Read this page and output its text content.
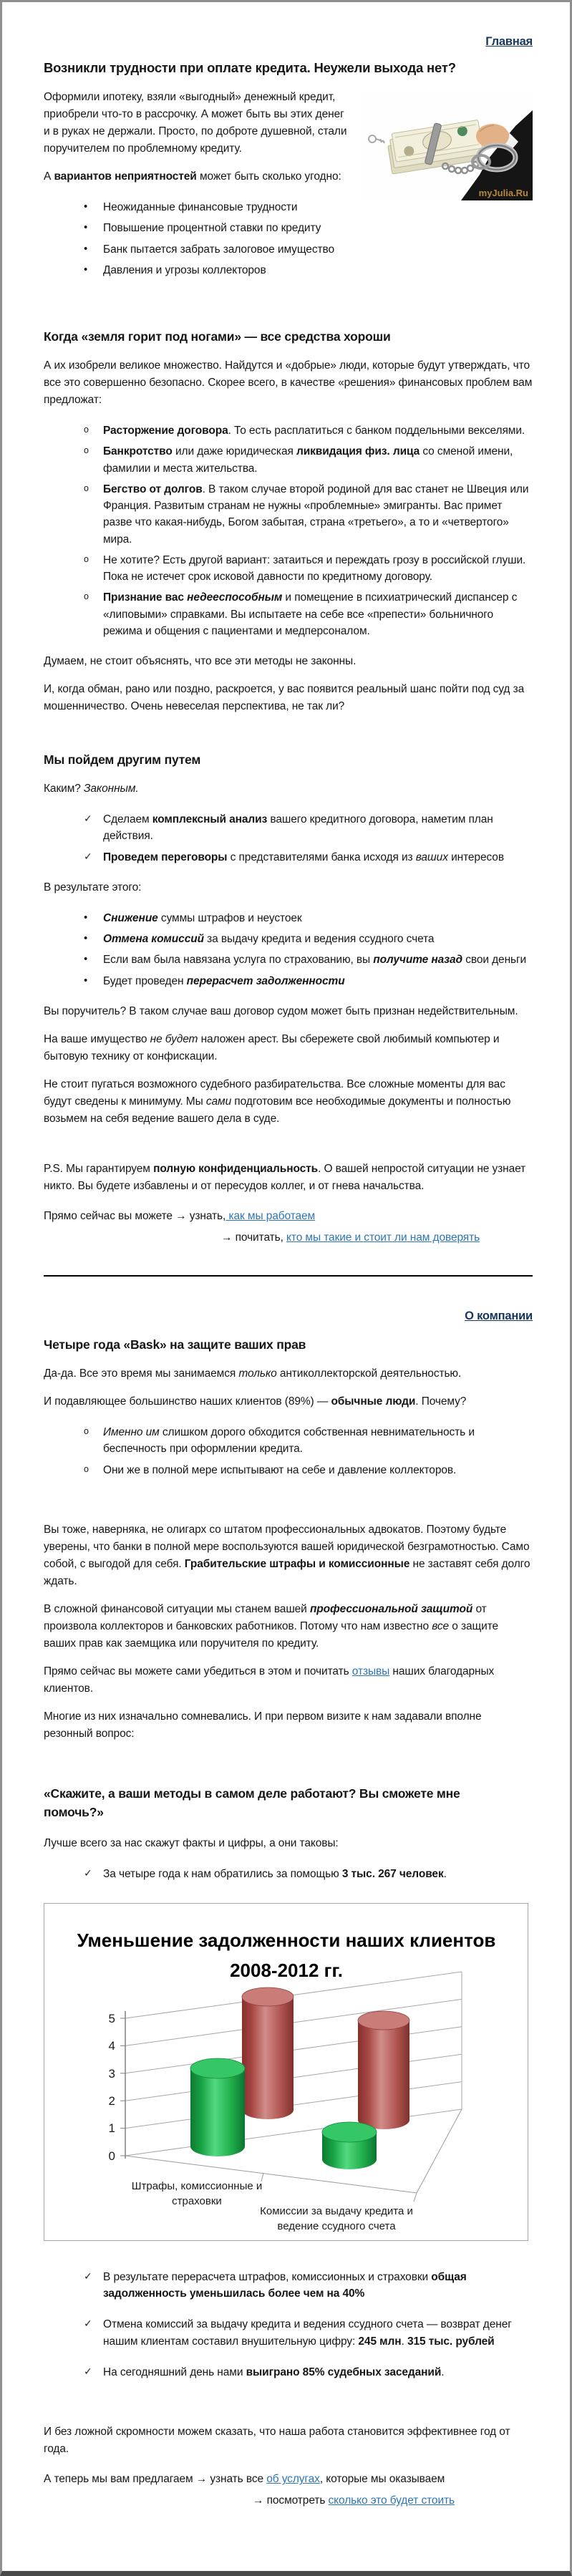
Главная
Возникли трудности при оплате кредита. Неужели выхода нет?
myJulia.Ru

Оформили ипотеку, взяли «выгодный» денежный кредит, приобрели что-то в рассрочку. А может быть вы этих денег и в руках не держали. Просто, по доброте душевной, стали поручителем по проблемному кредиту.

А вариантов неприятностей может быть сколько угодно:

• Неожиданные финансовые трудности
• Повышение процентной ставки по кредиту
• Банк пытается забрать залоговое имущество
• Давления и угрозы коллекторов
Когда «земля горит под ногами» — все средства хороши

А их изобрели великое множество. Найдутся и «добрые» люди, которые будут утверждать, что все это совершенно безопасно. Скорее всего, в качестве «решения» финансовых проблем вам предложат:

o Расторжение договора. То есть расплатиться с банком поддельными векселями.
o Банкротство или даже юридическая ликвидация физ. лица со сменой имени, фамилии и места жительства.
o Бегство от долгов. В таком случае второй родиной для вас станет не Швеция или Франция. Развитым странам не нужны «проблемные» эмигранты. Вас примет разве что какая-нибудь, Богом забытая, страна «третьего», а то и «четвертого» мира.
o Не хотите? Есть другой вариант: затаиться и переждать грозу в российской глуши. Пока не истечет срок исковой давности по кредитному договору.
o Признание вас недееспособным и помещение в психиатрический диспансер с «липовыми» справками. Вы испытаете на себе все «препести» больничного режима и общения с пациентами и медперсоналом.

Думаем, не стоит объяснять, что все эти методы не законны.

И, когда обман, рано или поздно, раскроется, у вас появится реальный шанс пойти под суд за мошенничество. Очень невеселая перспектива, не так ли?

Мы пойдем другим путем

Каким? Законным.

✓ Сделаем комплексный анализ вашего кредитного договора, наметим план действия.
✓ Проведем переговоры с представителями банка исходя из ваших интересов

В результате этого:

• Снижение суммы штрафов и неустоек
• Отмена комиссий за выдачу кредита и ведения ссудного счета
• Если вам была навязана услуга по страхованию, вы получите назад свои деньги
• Будет проведен перерасчет задолженности

Вы поручитель? В таком случае ваш договор судом может быть признан недействительным.

На ваше имущество не будет наложен арест. Вы сбережете свой любимый компьютер и бытовую технику от конфискации.

Не стоит пугаться возможного судебного разбирательства. Все сложные моменты для вас будут сведены к минимуму. Мы сами подготовим все необходимые документы и полностью возьмем на себя ведение вашего дела в суде.

P.S. Мы гарантируем полную конфиденциальность. О вашей непростой ситуации не узнает никто. Вы будете избавлены и от пересудов коллег, и от гнева начальства.

Прямо сейчас вы можете → узнать, как мы работаем

→ почитать, кто мы такие и стоит ли нам доверять

О компании
Четыре года «Bask» на защите ваших прав

Да-да. Все это время мы занимаемся только антиколлекторской деятельностью.

И подавляющее большинство наших клиентов (89%) — обычные люди. Почему?

o Именно им слишком дорого обходится собственная невнимательность и беспечность при оформлении кредита.
o Они же в полной мере испытывают на себе и давление коллекторов.

Вы тоже, наверняка, не олигарх со штатом профессиональных адвокатов. Поэтому будьте уверены, что банки в полной мере воспользуются вашей юридической безграмотностью. Само собой, с выгодой для себя. Грабительские штрафы и комиссионные не заставят себя долго ждать.

В сложной финансовой ситуации мы станем вашей профессиональной защитой от произвола коллекторов и банковских работников. Потому что нам известно все о защите ваших прав как заемщика или поручителя по кредиту.

Прямо сейчас вы можете сами убедиться в этом и почитать отзывы наших благодарных клиентов.

Многие из них изначально сомневались. И при первом визите к нам задавали вполне резонный вопрос:

«Скажите, а ваши методы в самом деле работают? Вы сможете мне помочь?»

Лучше всего за нас скажут факты и цифры, а они таковы:

✓ За четыре года к нам обратились за помощью 3 тыс. 267 человек.
Уменьшение задолженности наших клиентов
2008-2012 гг.
0
1
2
3
4
5
Штрафы, комиссионные и
страховки
Комиссии за выдачу кредита и
ведение ссудного счета
✓ В результате перерасчета штрафов, комиссионных и страховки общая задолженность уменьшилась более чем на 40%
✓ Отмена комиссий за выдачу кредита и ведения ссудного счета — возврат денег нашим клиентам составил внушительную цифру: 245 млн. 315 тыс. рублей
✓ На сегодняшний день нами выиграно 85% судебных заседаний.

И без ложной скромности можем сказать, что наша работа становится эффективнее год от года.

А теперь мы вам предлагаем → узнать все об услугах, которые мы оказываем

→ посмотреть сколько это будет стоить
